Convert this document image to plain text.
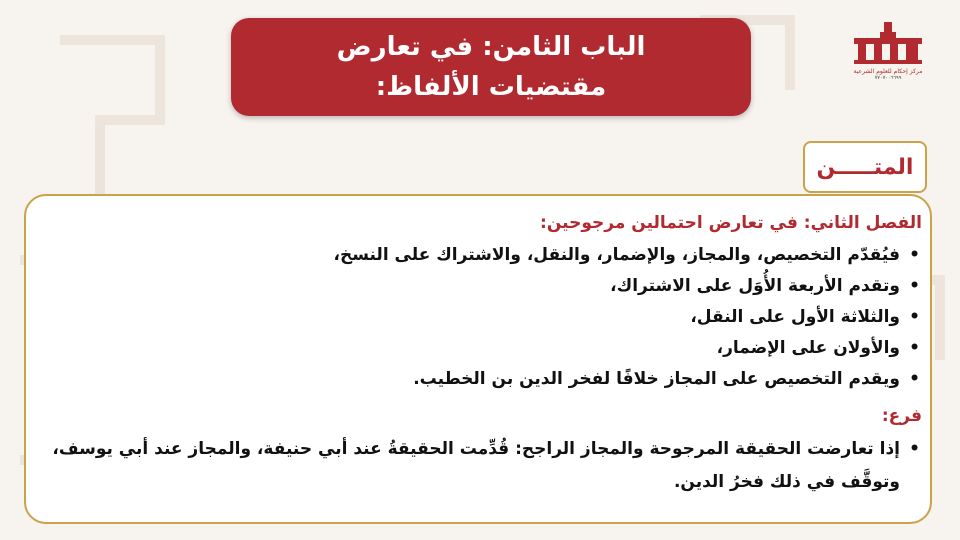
مركز إحكام للعلوم الشرعية
٧٧٠٧٠٠٦٦٩٩
الباب الثامن: في تعارض
مقتضيات الألفاظ:
المتـــــن
الفصل الثاني: في تعارض احتمالين مرجوحين:
• فيُقدّم التخصيص، والمجاز، والإضمار، والنقل، والاشتراك على النسخ،
• وتقدم الأربعة الأُوَل على الاشتراك،
• والثلاثة الأول على النقل،
• والأولان على الإضمار،
• ويقدم التخصيص على المجاز خلافًا لفخر الدين بن الخطيب.
فرع:
• إذا تعارضت الحقيقة المرجوحة والمجاز الراجح: قُدِّمت الحقيقةُ عند أبي حنيفة، والمجاز عند أبي يوسف، وتوقَّف في ذلك فخرُ الدين.
